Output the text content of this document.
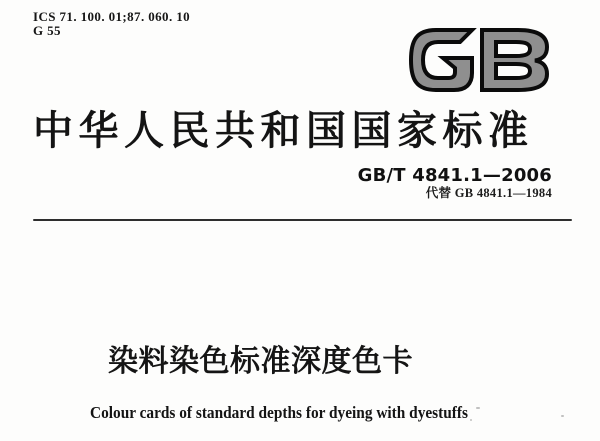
ICS 71. 100. 01;87. 060. 10
G 55
中华人民共和国国家标准
GB/T 4841.1—2006
代替 GB 4841.1—1984
染料染色标准深度色卡
Colour cards of standard depths for dyeing with dyestuffs
